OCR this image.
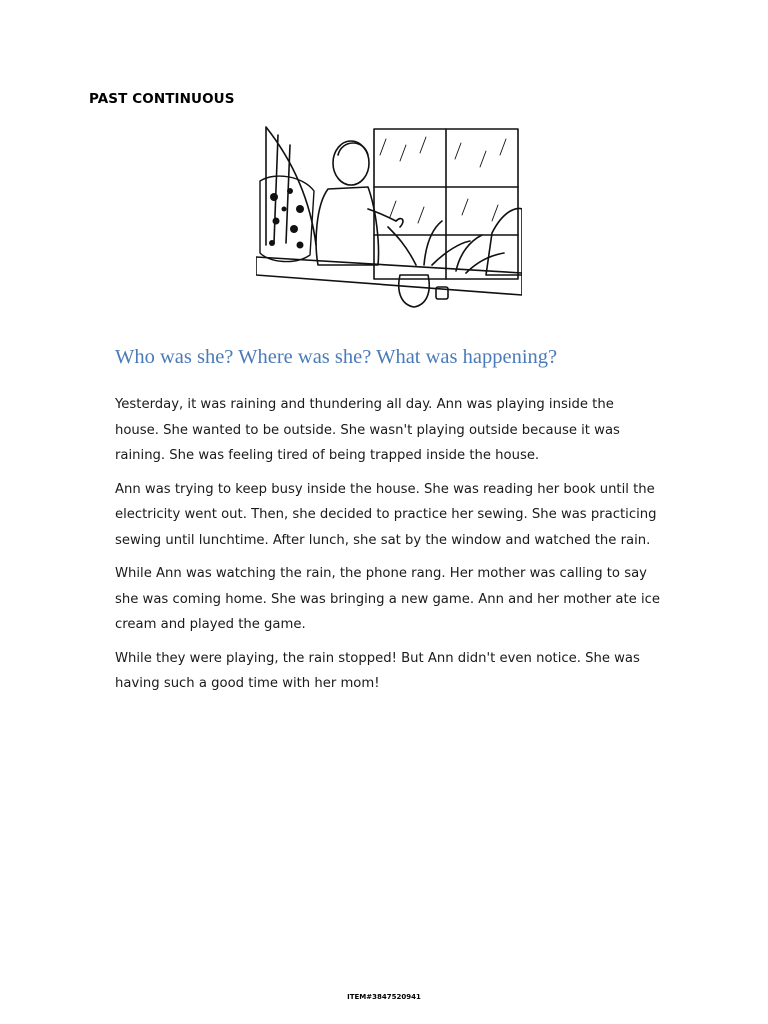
PAST CONTINUOUS
Who was she? Where was she? What was happening?

Yesterday, it was raining and thundering all day. Ann was playing inside the house. She wanted to be outside. She wasn't playing outside because it was raining. She was feeling tired of being trapped inside the house.

Ann was trying to keep busy inside the house. She was reading her book until the electricity went out. Then, she decided to practice her sewing. She was practicing sewing until lunchtime. After lunch, she sat by the window and watched the rain.

While Ann was watching the rain, the phone rang. Her mother was calling to say she was coming home. She was bringing a new game. Ann and her mother ate ice cream and played the game.

While they were playing, the rain stopped! But Ann didn't even notice. She was having such a good time with her mom!

ITEM#3847520941
